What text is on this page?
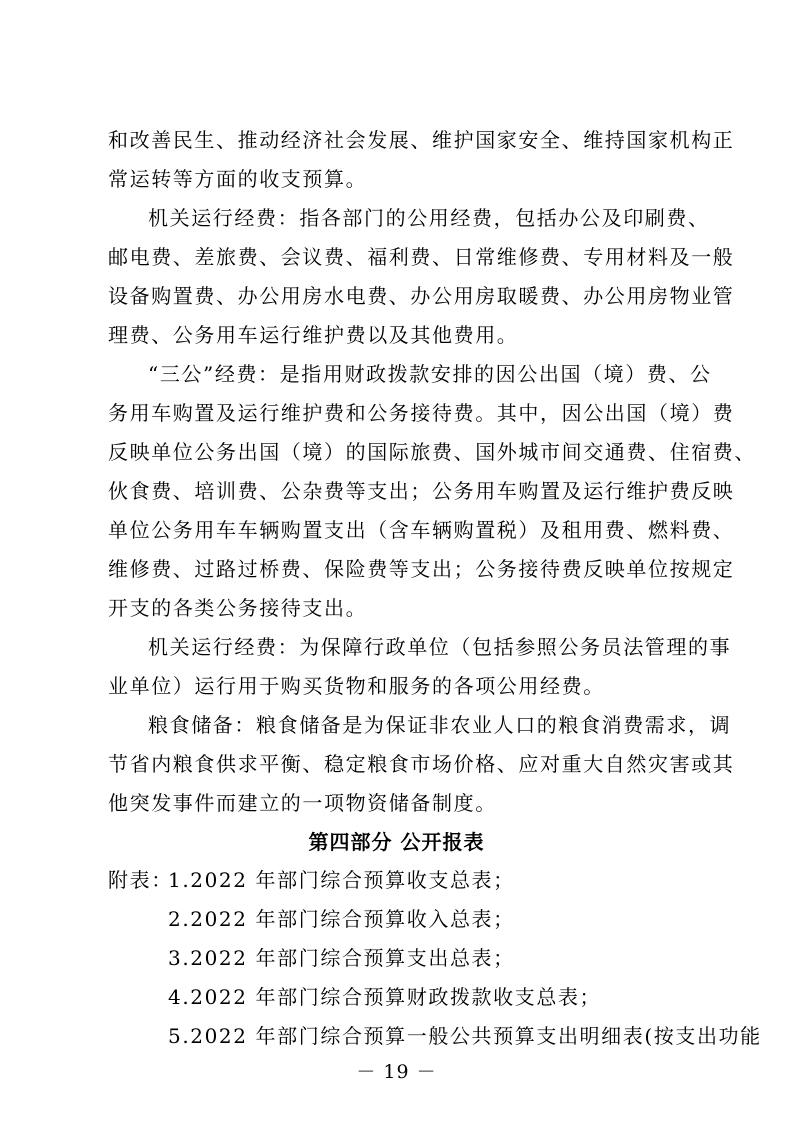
和改善民生、推动经济社会发展、维护国家安全、维持国家机构正
常运转等方面的收支预算。
机关运行经费：指各部门的公用经费，包括办公及印刷费、
邮电费、差旅费、会议费、福利费、日常维修费、专用材料及一般
设备购置费、办公用房水电费、办公用房取暖费、办公用房物业管
理费、公务用车运行维护费以及其他费用。
“三公”经费：是指用财政拨款安排的因公出国（境）费、公
务用车购置及运行维护费和公务接待费。其中，因公出国（境）费
反映单位公务出国（境）的国际旅费、国外城市间交通费、住宿费、
伙食费、培训费、公杂费等支出；公务用车购置及运行维护费反映
单位公务用车车辆购置支出（含车辆购置税）及租用费、燃料费、
维修费、过路过桥费、保险费等支出；公务接待费反映单位按规定
开支的各类公务接待支出。
机关运行经费：为保障行政单位（包括参照公务员法管理的事
业单位）运行用于购买货物和服务的各项公用经费。
粮食储备：粮食储备是为保证非农业人口的粮食消费需求，调
节省内粮食供求平衡、稳定粮食市场价格、应对重大自然灾害或其
他突发事件而建立的一项物资储备制度。
第四部分 公开报表
附表：
1.2022 年部门综合预算收支总表；
2.2022 年部门综合预算收入总表；
3.2022 年部门综合预算支出总表；
4.2022 年部门综合预算财政拨款收支总表；
5.2022 年部门综合预算一般公共预算支出明细表(按支出功能
－ 19 －
